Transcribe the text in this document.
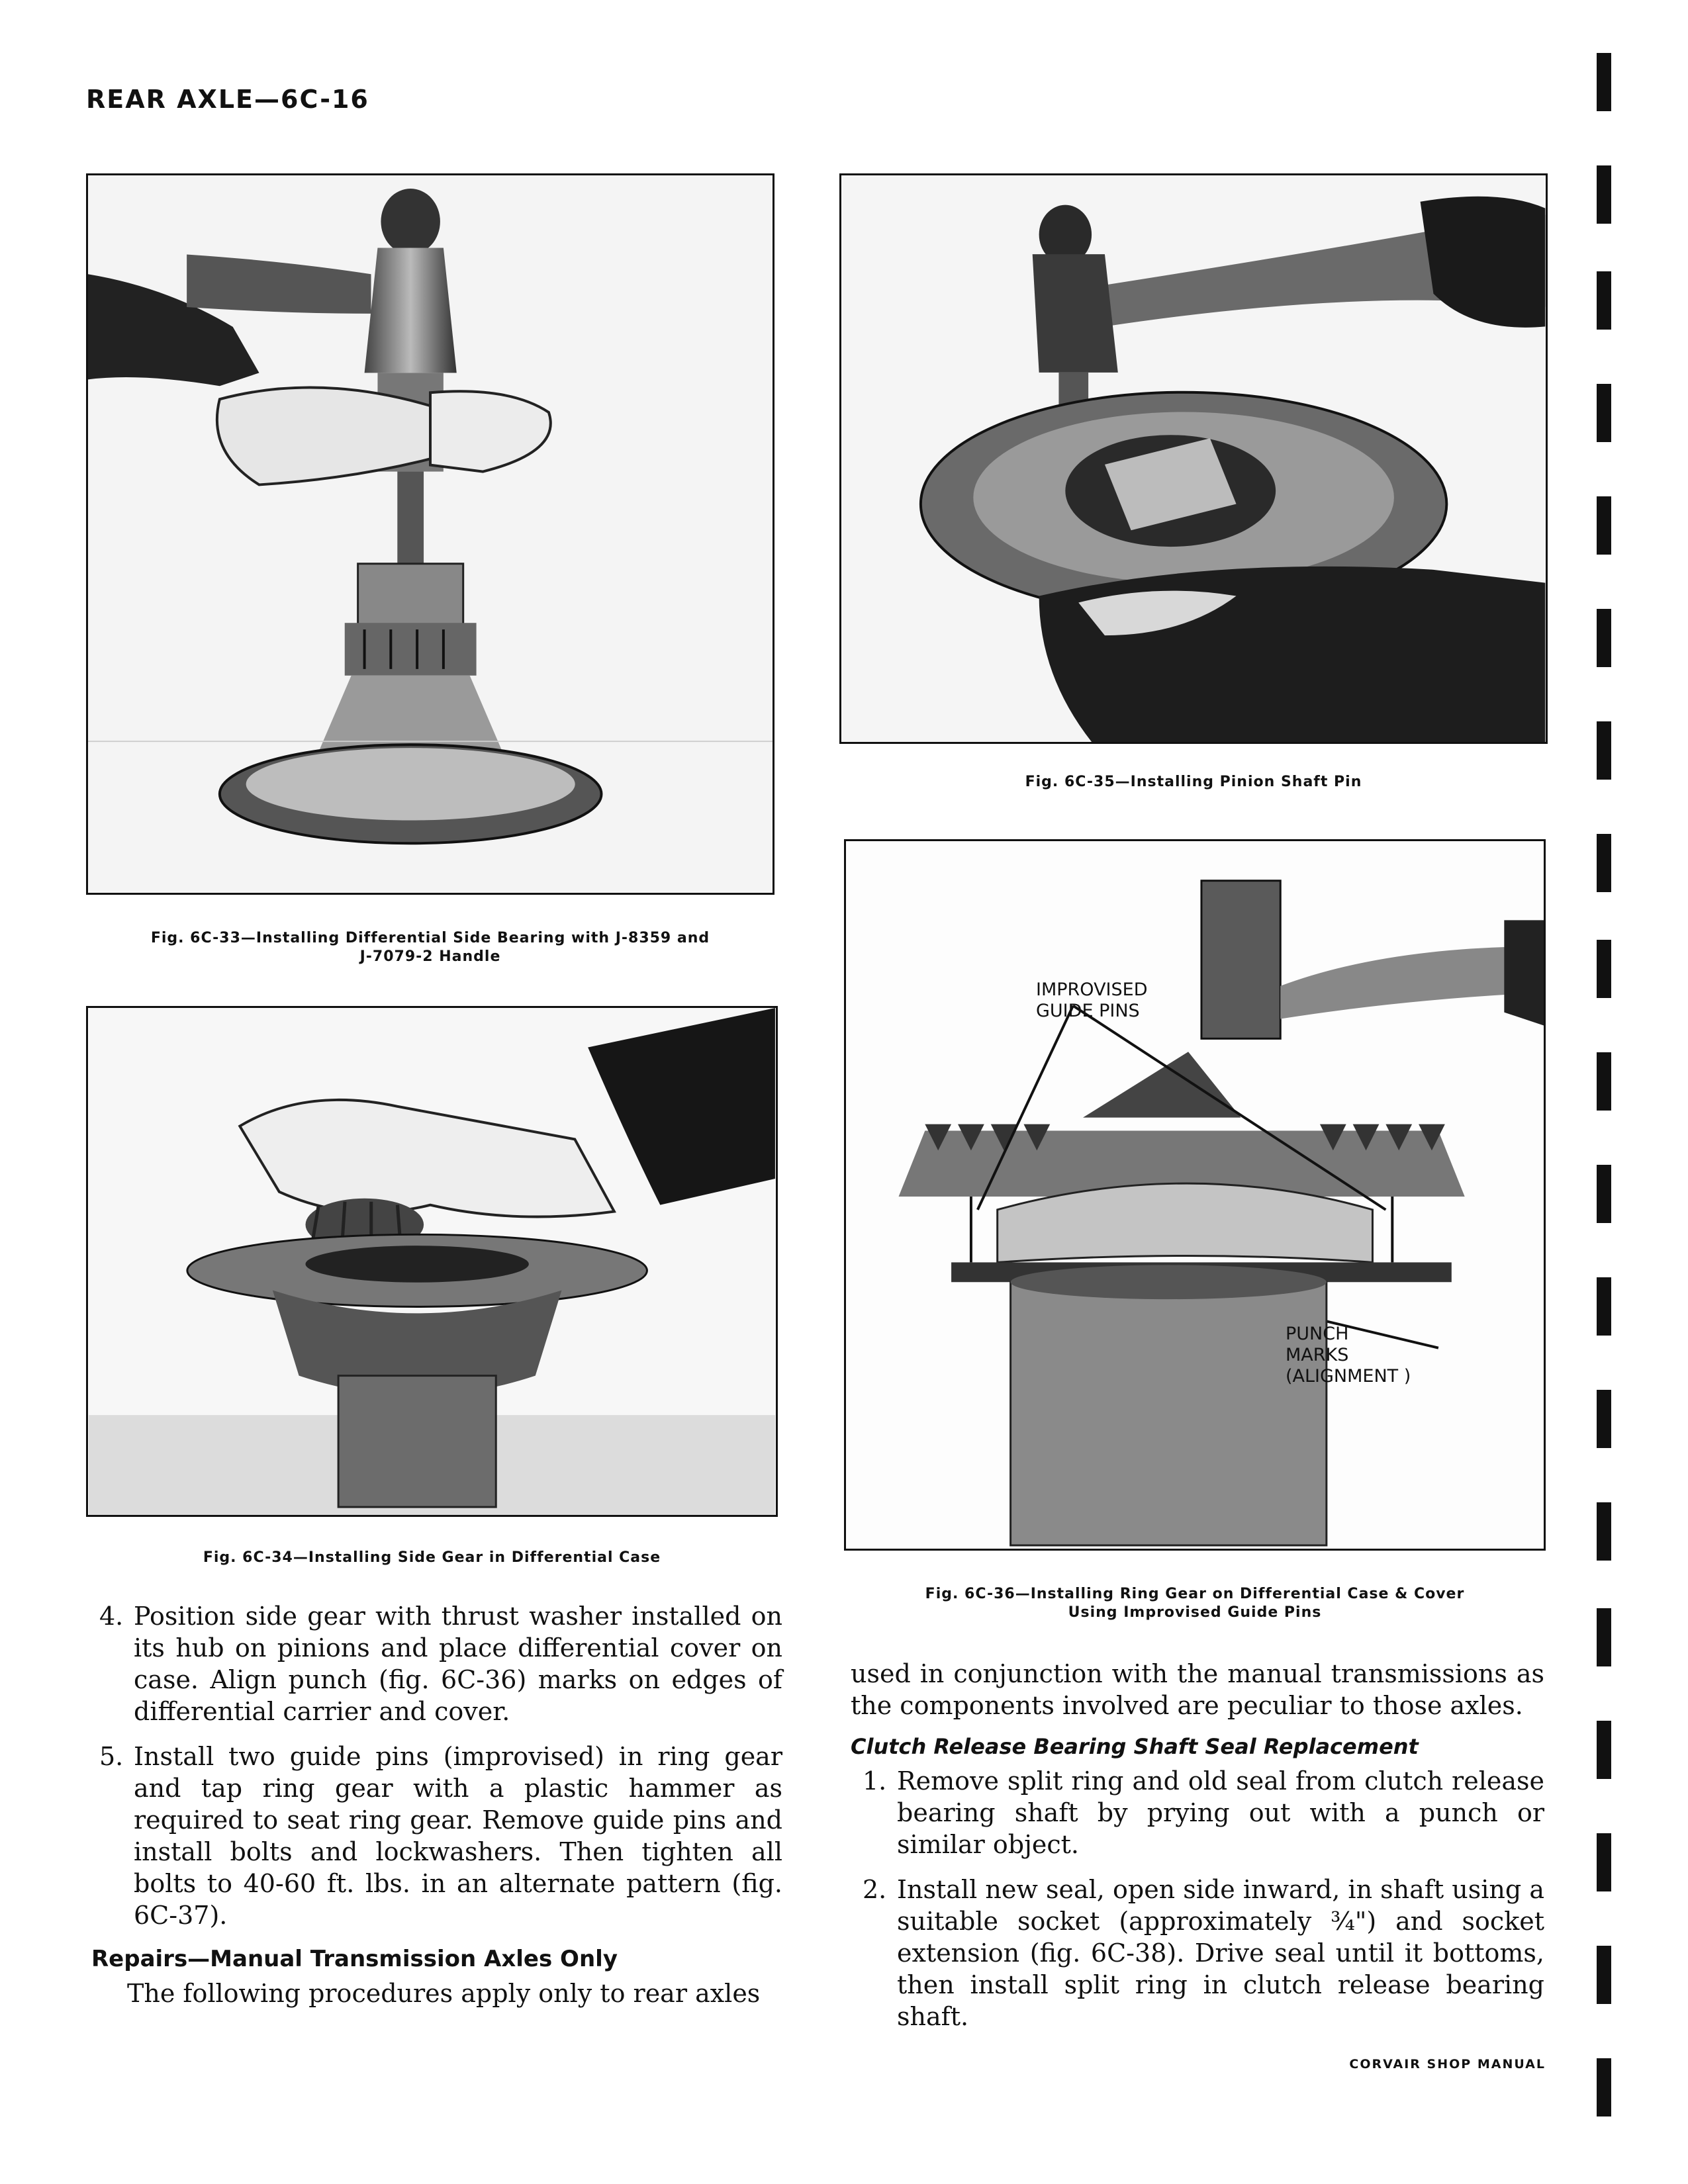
REAR AXLE—6C-16
Fig. 6C-33—Installing Differential Side Bearing with J-8359 and
J-7079-2 Handle
Fig. 6C-34—Installing Side Gear in Differential Case
Fig. 6C-35—Installing Pinion Shaft Pin
IMPROVISED
GUIDE PINS
PUNCH
MARKS
(ALIGNMENT )
Fig. 6C-36—Installing Ring Gear on Differential Case & Cover
Using Improvised Guide Pins
4. Position side gear with thrust washer installed on its hub on pinions and place differential cover on case. Align punch (fig. 6C-36) marks on edges of differential carrier and cover.
5. Install two guide pins (improvised) in ring gear and tap ring gear with a plastic hammer as required to seat ring gear. Remove guide pins and install bolts and lockwashers. Then tighten all bolts to 40-60 ft. lbs. in an alternate pattern (fig. 6C-37).
Repairs—Manual Transmission Axles Only
The following procedures apply only to rear axles
used in conjunction with the manual transmissions as the components involved are peculiar to those axles.
Clutch Release Bearing Shaft Seal Replacement
1. Remove split ring and old seal from clutch release bearing shaft by prying out with a punch or similar object.
2. Install new seal, open side inward, in shaft using a suitable socket (approximately ¾") and socket extension (fig. 6C-38). Drive seal until it bottoms, then install split ring in clutch release bearing shaft.
CORVAIR SHOP MANUAL
